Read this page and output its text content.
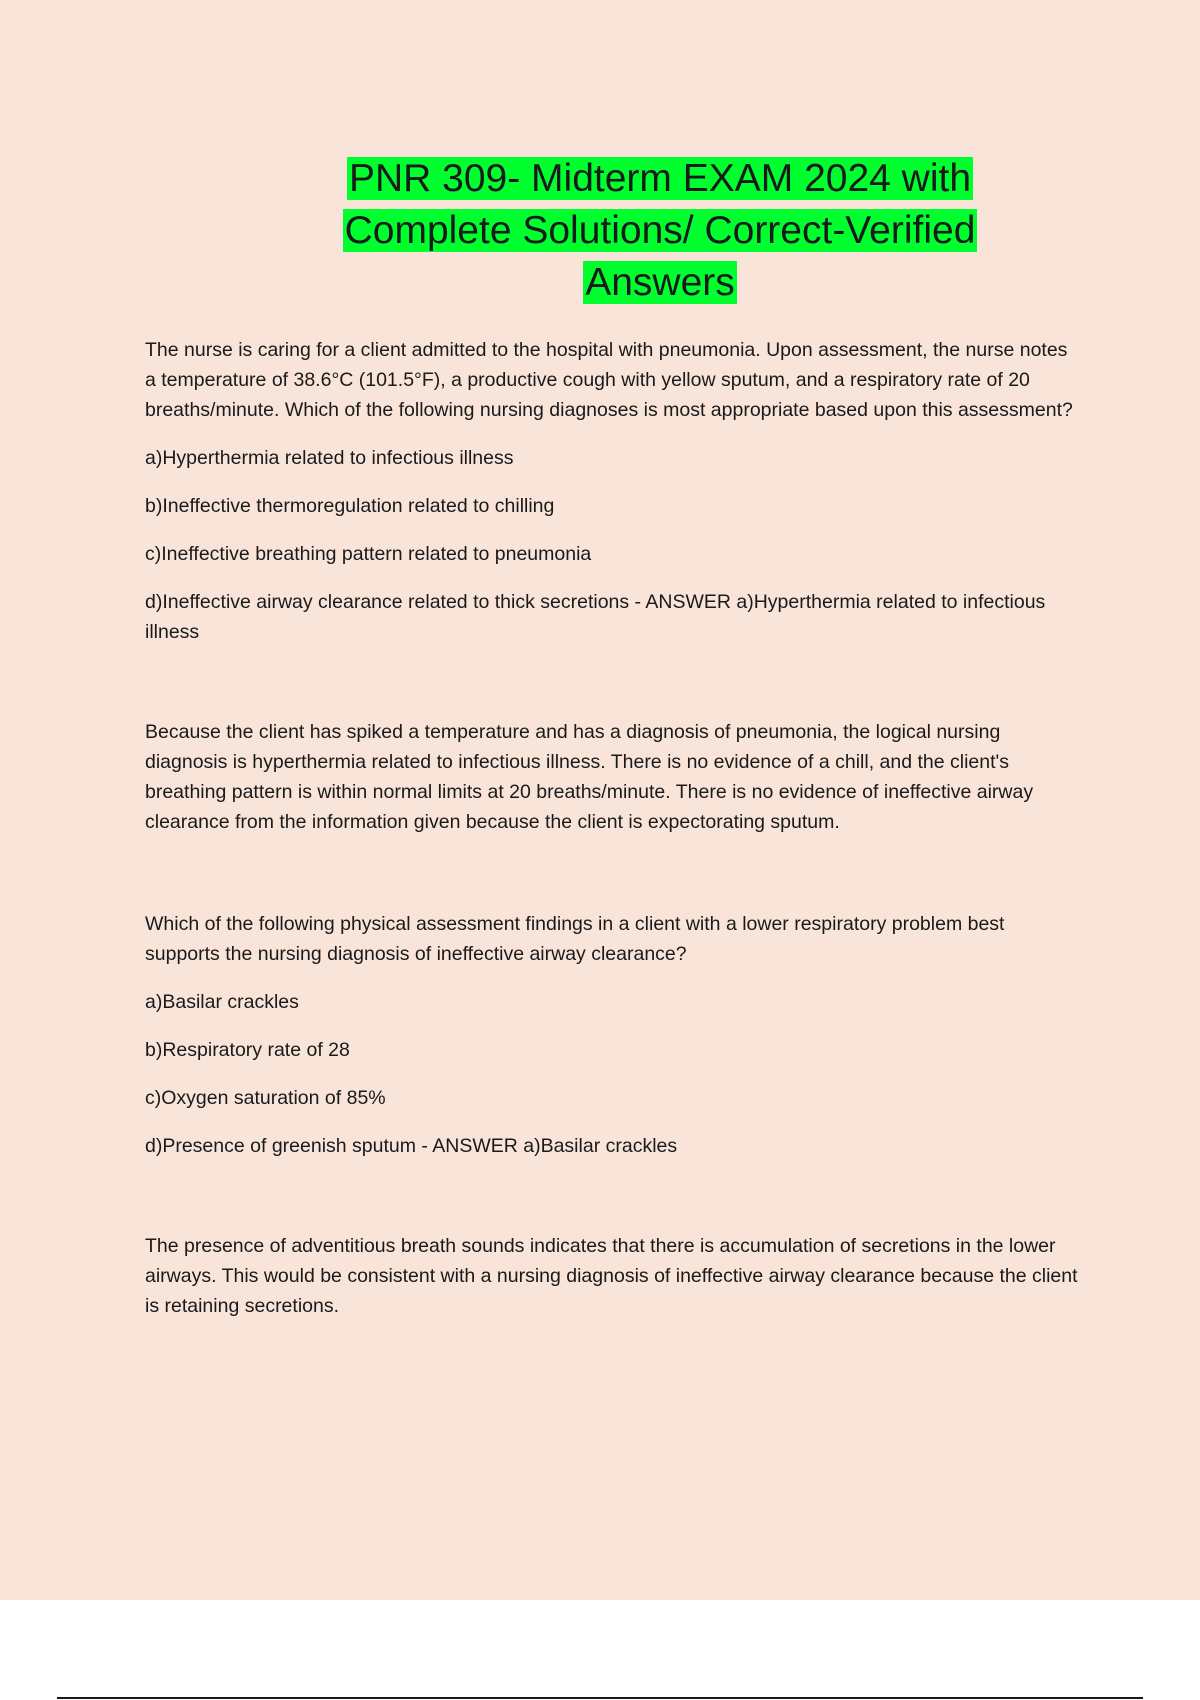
PNR 309- Midterm EXAM 2024 with
Complete Solutions/ Correct-Verified
Answers

The nurse is caring for a client admitted to the hospital with pneumonia. Upon assessment, the nurse notes a temperature of 38.6°C (101.5°F), a productive cough with yellow sputum, and a respiratory rate of 20 breaths/minute. Which of the following nursing diagnoses is most appropriate based upon this assessment?

a)Hyperthermia related to infectious illness

b)Ineffective thermoregulation related to chilling

c)Ineffective breathing pattern related to pneumonia

d)Ineffective airway clearance related to thick secretions - ANSWER a)Hyperthermia related to infectious illness

Because the client has spiked a temperature and has a diagnosis of pneumonia, the logical nursing diagnosis is hyperthermia related to infectious illness. There is no evidence of a chill, and the client's breathing pattern is within normal limits at 20 breaths/minute. There is no evidence of ineffective airway clearance from the information given because the client is expectorating sputum.

Which of the following physical assessment findings in a client with a lower respiratory problem best supports the nursing diagnosis of ineffective airway clearance?

a)Basilar crackles

b)Respiratory rate of 28

c)Oxygen saturation of 85%

d)Presence of greenish sputum - ANSWER a)Basilar crackles

The presence of adventitious breath sounds indicates that there is accumulation of secretions in the lower airways. This would be consistent with a nursing diagnosis of ineffective airway clearance because the client is retaining secretions.
